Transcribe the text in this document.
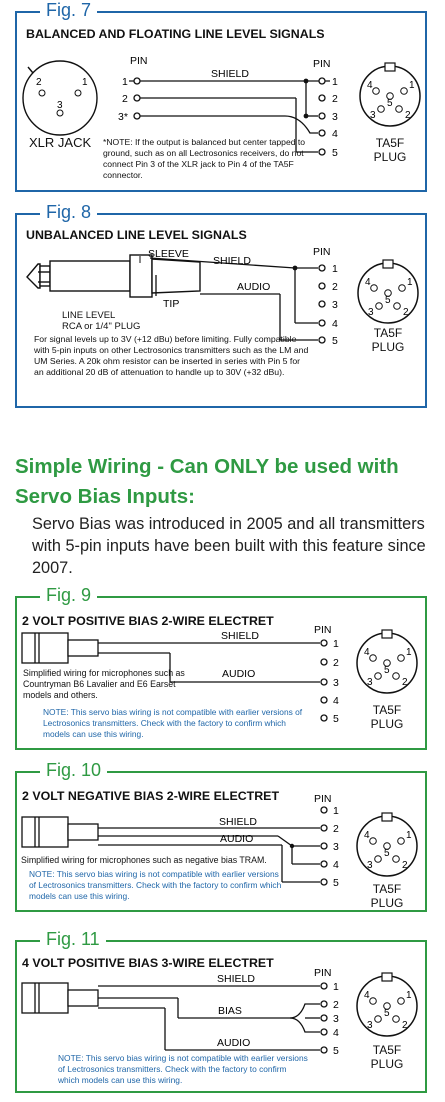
Fig. 7
BALANCED AND FLOATING LINE LEVEL SIGNALS
2	1
3
PIN	PIN
SHIELD
1
2
3*
1
2
3
4
5
4
5
1
3	2
XLR JACK *NOTE: If the output is balanced but center tapped to ground, such as on all Lectrosonics receivers, do not connect Pin 3 of the XLR jack to Pin 4 of the TA5F connector.
TA5F
PLUG
Fig. 8
UNBALANCED LINE LEVEL SIGNALS
SLEEVE
SHIELD
TIP
AUDIO
PIN
1
2
3
4
5
4
5
1
3	2
LINE LEVEL
RCA or 1/4" PLUG
For signal levels up to 3V (+12 dBu) before limiting. Fully compatible with 5-pin inputs on other Lectrosonics transmitters such as the LM and UM Series. A 20k ohm resistor can be inserted in series with Pin 5 for an additional 20 dB of attenuation to handle up to 30V (+32 dBu).
TA5F
PLUG
Simple Wiring - Can ONLY be used with Servo Bias Inputs:
Servo Bias was introduced in 2005 and all transmitters with 5-pin inputs have been built with this feature since 2007.
Fig. 9
2 VOLT POSITIVE BIAS 2-WIRE ELECTRET
SHIELD
AUDIO
PIN
1
2
3
4
5
4
5
1
3	2
Simplified wiring for microphones such as Countryman B6 Lavalier and E6 Earset models and others.
NOTE: This servo bias wiring is not compatible with earlier versions of Lectrosonics transmitters. Check with the factory to confirm which models can use this wiring.
TA5F
PLUG
Fig. 10
2 VOLT NEGATIVE BIAS 2-WIRE ELECTRET
SHIELD
AUDIO
PIN
1
2
3
4
5
4
5
1
3	2
Simplified wiring for microphones such as negative bias TRAM.
NOTE: This servo bias wiring is not compatible with earlier versions of Lectrosonics transmitters. Check with the factory to confirm which models can use this wiring.	TA5F
PLUG
Fig. 11
4 VOLT POSITIVE BIAS 3-WIRE ELECTRET
SHIELD
BIAS
AUDIO
PIN
1
2
3
4
5
4
5
1
3	2
NOTE: This servo bias wiring is not compatible with earlier versions of Lectrosonics transmitters. Check with the factory to confirm which models can use this wiring.
TA5F
PLUG
